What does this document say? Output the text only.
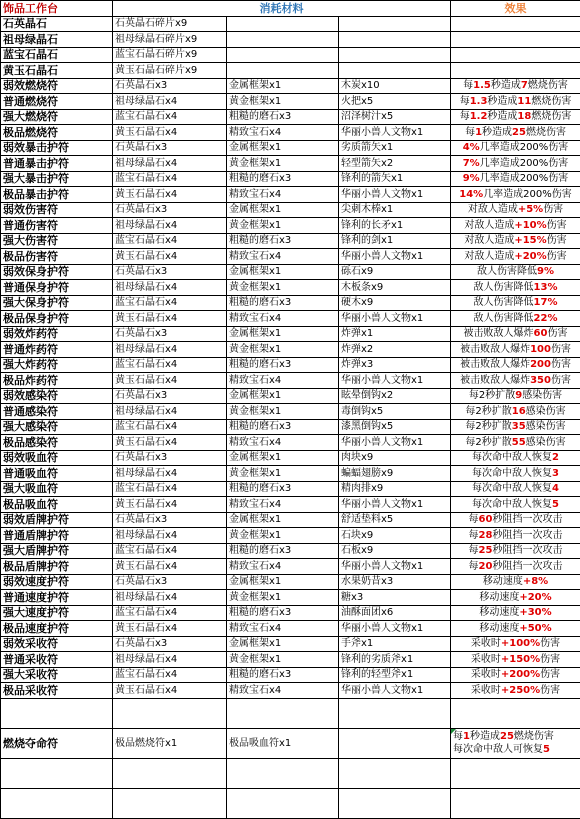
饰品工作台	消耗材料			效果
石英晶石	石英晶石碎片x9			
祖母绿晶石	祖母绿晶石碎片x9			
蓝宝石晶石	蓝宝石晶石碎片x9			
黄玉石晶石	黄玉石晶石碎片x9			
弱效燃烧符	石英晶石x3	金属框架x1	木炭x10	每1.5秒造成7燃烧伤害
普通燃烧符	祖母绿晶石x4	黄金框架x1	火把x5	每1.3秒造成11燃烧伤害
强大燃烧符	蓝宝石晶石x4	粗糙的磨石x3	沼泽树汁x5	每1.2秒造成18燃烧伤害
极品燃烧符	黄玉石晶石x4	精致宝石x4	华丽小兽人文物x1	每1秒造成25燃烧伤害
弱效暴击护符	石英晶石x3	金属框架x1	劣质箭矢x1	4%几率造成200%伤害
普通暴击护符	祖母绿晶石x4	黄金框架x1	轻型箭矢x2	7%几率造成200%伤害
强大暴击护符	蓝宝石晶石x4	粗糙的磨石x3	锋利的箭矢x1	9%几率造成200%伤害
极品暴击护符	黄玉石晶石x4	精致宝石x4	华丽小兽人文物x1	14%几率造成200%伤害
弱效伤害符	石英晶石x3	金属框架x1	尖刺木棒x1	对敌人造成+5%伤害
普通伤害符	祖母绿晶石x4	黄金框架x1	锋利的长矛x1	对敌人造成+10%伤害
强大伤害符	蓝宝石晶石x4	粗糙的磨石x3	锋利的剑x1	对敌人造成+15%伤害
极品伤害符	黄玉石晶石x4	精致宝石x4	华丽小兽人文物x1	对敌人造成+20%伤害
弱效保身护符	石英晶石x3	金属框架x1	砾石x9	敌人伤害降低9%
普通保身护符	祖母绿晶石x4	黄金框架x1	木板条x9	敌人伤害降低13%
强大保身护符	蓝宝石晶石x4	粗糙的磨石x3	硬木x9	敌人伤害降低17%
极品保身护符	黄玉石晶石x4	精致宝石x4	华丽小兽人文物x1	敌人伤害降低22%
弱效炸药符	石英晶石x3	金属框架x1	炸弹x1	被击败敌人爆炸60伤害
普通炸药符	祖母绿晶石x4	黄金框架x1	炸弹x2	被击败敌人爆炸100伤害
强大炸药符	蓝宝石晶石x4	粗糙的磨石x3	炸弹x3	被击败敌人爆炸200伤害
极品炸药符	黄玉石晶石x4	精致宝石x4	华丽小兽人文物x1	被击败敌人爆炸350伤害
弱效感染符	石英晶石x3	金属框架x1	眩晕倒钩x2	每2秒扩散9感染伤害
普通感染符	祖母绿晶石x4	黄金框架x1	毒倒钩x5	每2秒扩散16感染伤害
强大感染符	蓝宝石晶石x4	粗糙的磨石x3	漆黑倒钩x5	每2秒扩散35感染伤害
极品感染符	黄玉石晶石x4	精致宝石x4	华丽小兽人文物x1	每2秒扩散55感染伤害
弱效吸血符	石英晶石x3	金属框架x1	肉块x9	每次命中敌人恢复2
普通吸血符	祖母绿晶石x4	黄金框架x1	蝙蝠翅膀x9	每次命中敌人恢复3
强大吸血符	蓝宝石晶石x4	粗糙的磨石x3	精肉排x9	每次命中敌人恢复4
极品吸血符	黄玉石晶石x4	精致宝石x4	华丽小兽人文物x1	每次命中敌人恢复5
弱效盾牌护符	石英晶石x3	金属框架x1	舒适垫料x5	每60秒阻挡一次攻击
普通盾牌护符	祖母绿晶石x4	黄金框架x1	石块x9	每28秒阻挡一次攻击
强大盾牌护符	蓝宝石晶石x4	粗糙的磨石x3	石板x9	每25秒阻挡一次攻击
极品盾牌护符	黄玉石晶石x4	精致宝石x4	华丽小兽人文物x1	每20秒阻挡一次攻击
弱效速度护符	石英晶石x3	金属框架x1	水果奶昔x3	移动速度+8%
普通速度护符	祖母绿晶石x4	黄金框架x1	糖x3	移动速度+20%
强大速度护符	蓝宝石晶石x4	粗糙的磨石x3	油酥面团x6	移动速度+30%
极品速度护符	黄玉石晶石x4	精致宝石x4	华丽小兽人文物x1	移动速度+50%
弱效采收符	石英晶石x3	金属框架x1	手斧x1	采收时+100%伤害
普通采收符	祖母绿晶石x4	黄金框架x1	锋利的劣质斧x1	采收时+150%伤害
强大采收符	蓝宝石晶石x4	粗糙的磨石x3	锋利的轻型斧x1	采收时+200%伤害
极品采收符	黄玉石晶石x4	精致宝石x4	华丽小兽人文物x1	采收时+250%伤害

燃烧夺命符	极品燃烧符x1	极品吸血符x1		每1秒造成25燃烧伤害
每次命中敌人可恢复5
